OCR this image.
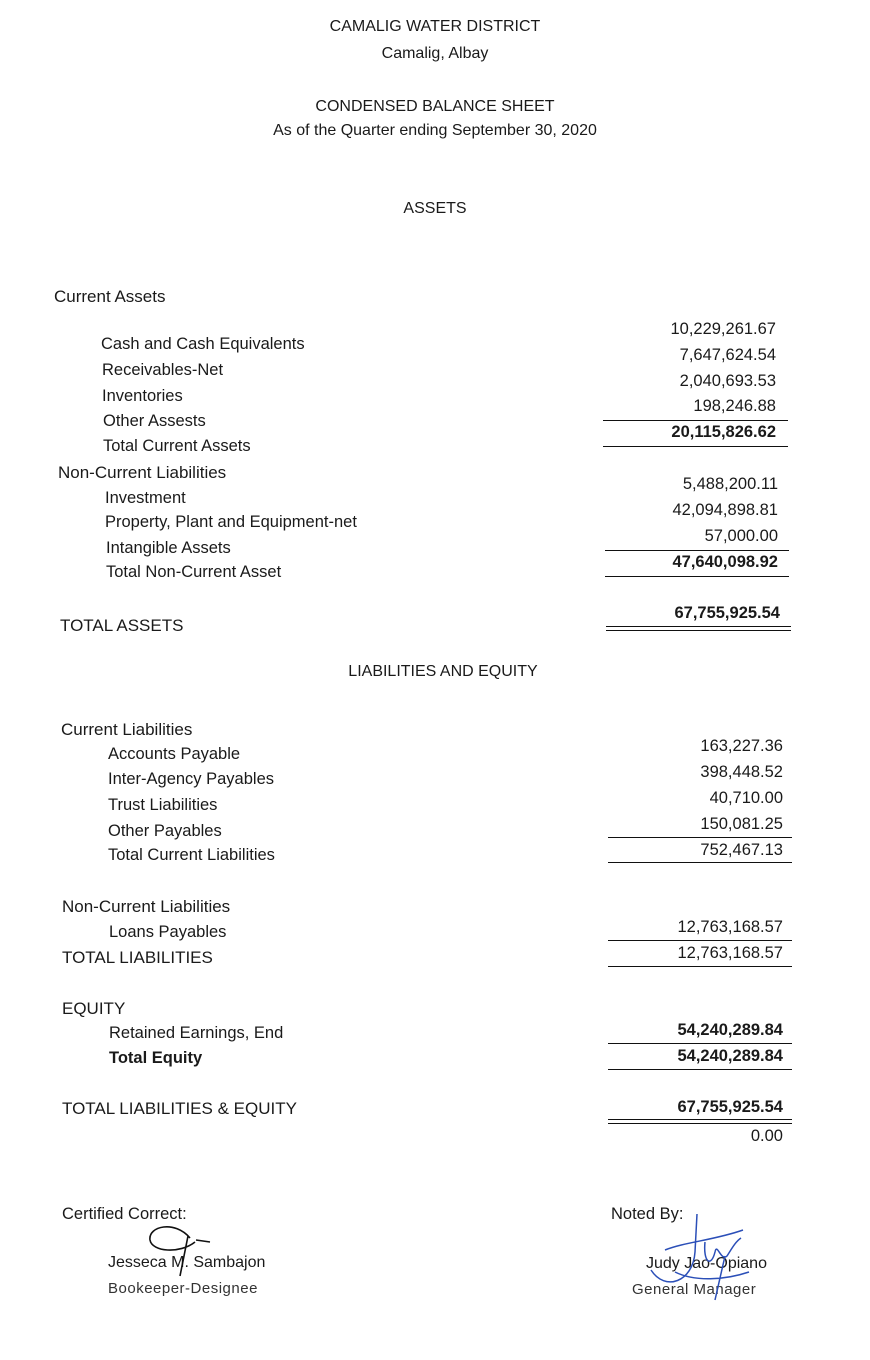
CAMALIG WATER DISTRICT
Camalig, Albay
CONDENSED BALANCE SHEET
As of the Quarter ending September 30, 2020
ASSETS
Current Assets
Cash and Cash Equivalents
10,229,261.67
Receivables-Net
7,647,624.54
Inventories
2,040,693.53
Other Assests
198,246.88
Total Current Assets
20,115,826.62
Non-Current Liabilities
Investment
5,488,200.11
Property, Plant and Equipment-net
42,094,898.81
Intangible Assets
57,000.00
Total Non-Current Asset
47,640,098.92
TOTAL ASSETS
67,755,925.54
LIABILITIES AND EQUITY
Current Liabilities
Accounts Payable	163,227.36
Inter-Agency Payables	398,448.52
Trust Liabilities	40,710.00
Other Payables	150,081.25
Total Current Liabilities	752,467.13
Non-Current Liabilities
Loans Payables	12,763,168.57
TOTAL LIABILITIES	12,763,168.57
EQUITY
Retained Earnings, End	54,240,289.84
Total Equity	54,240,289.84
TOTAL LIABILITIES & EQUITY	67,755,925.54
0.00
Certified Correct:
Jesseca M. Sambajon
Bookeeper-Designee
Noted By:
Judy Jao-Opiano
General Manager
